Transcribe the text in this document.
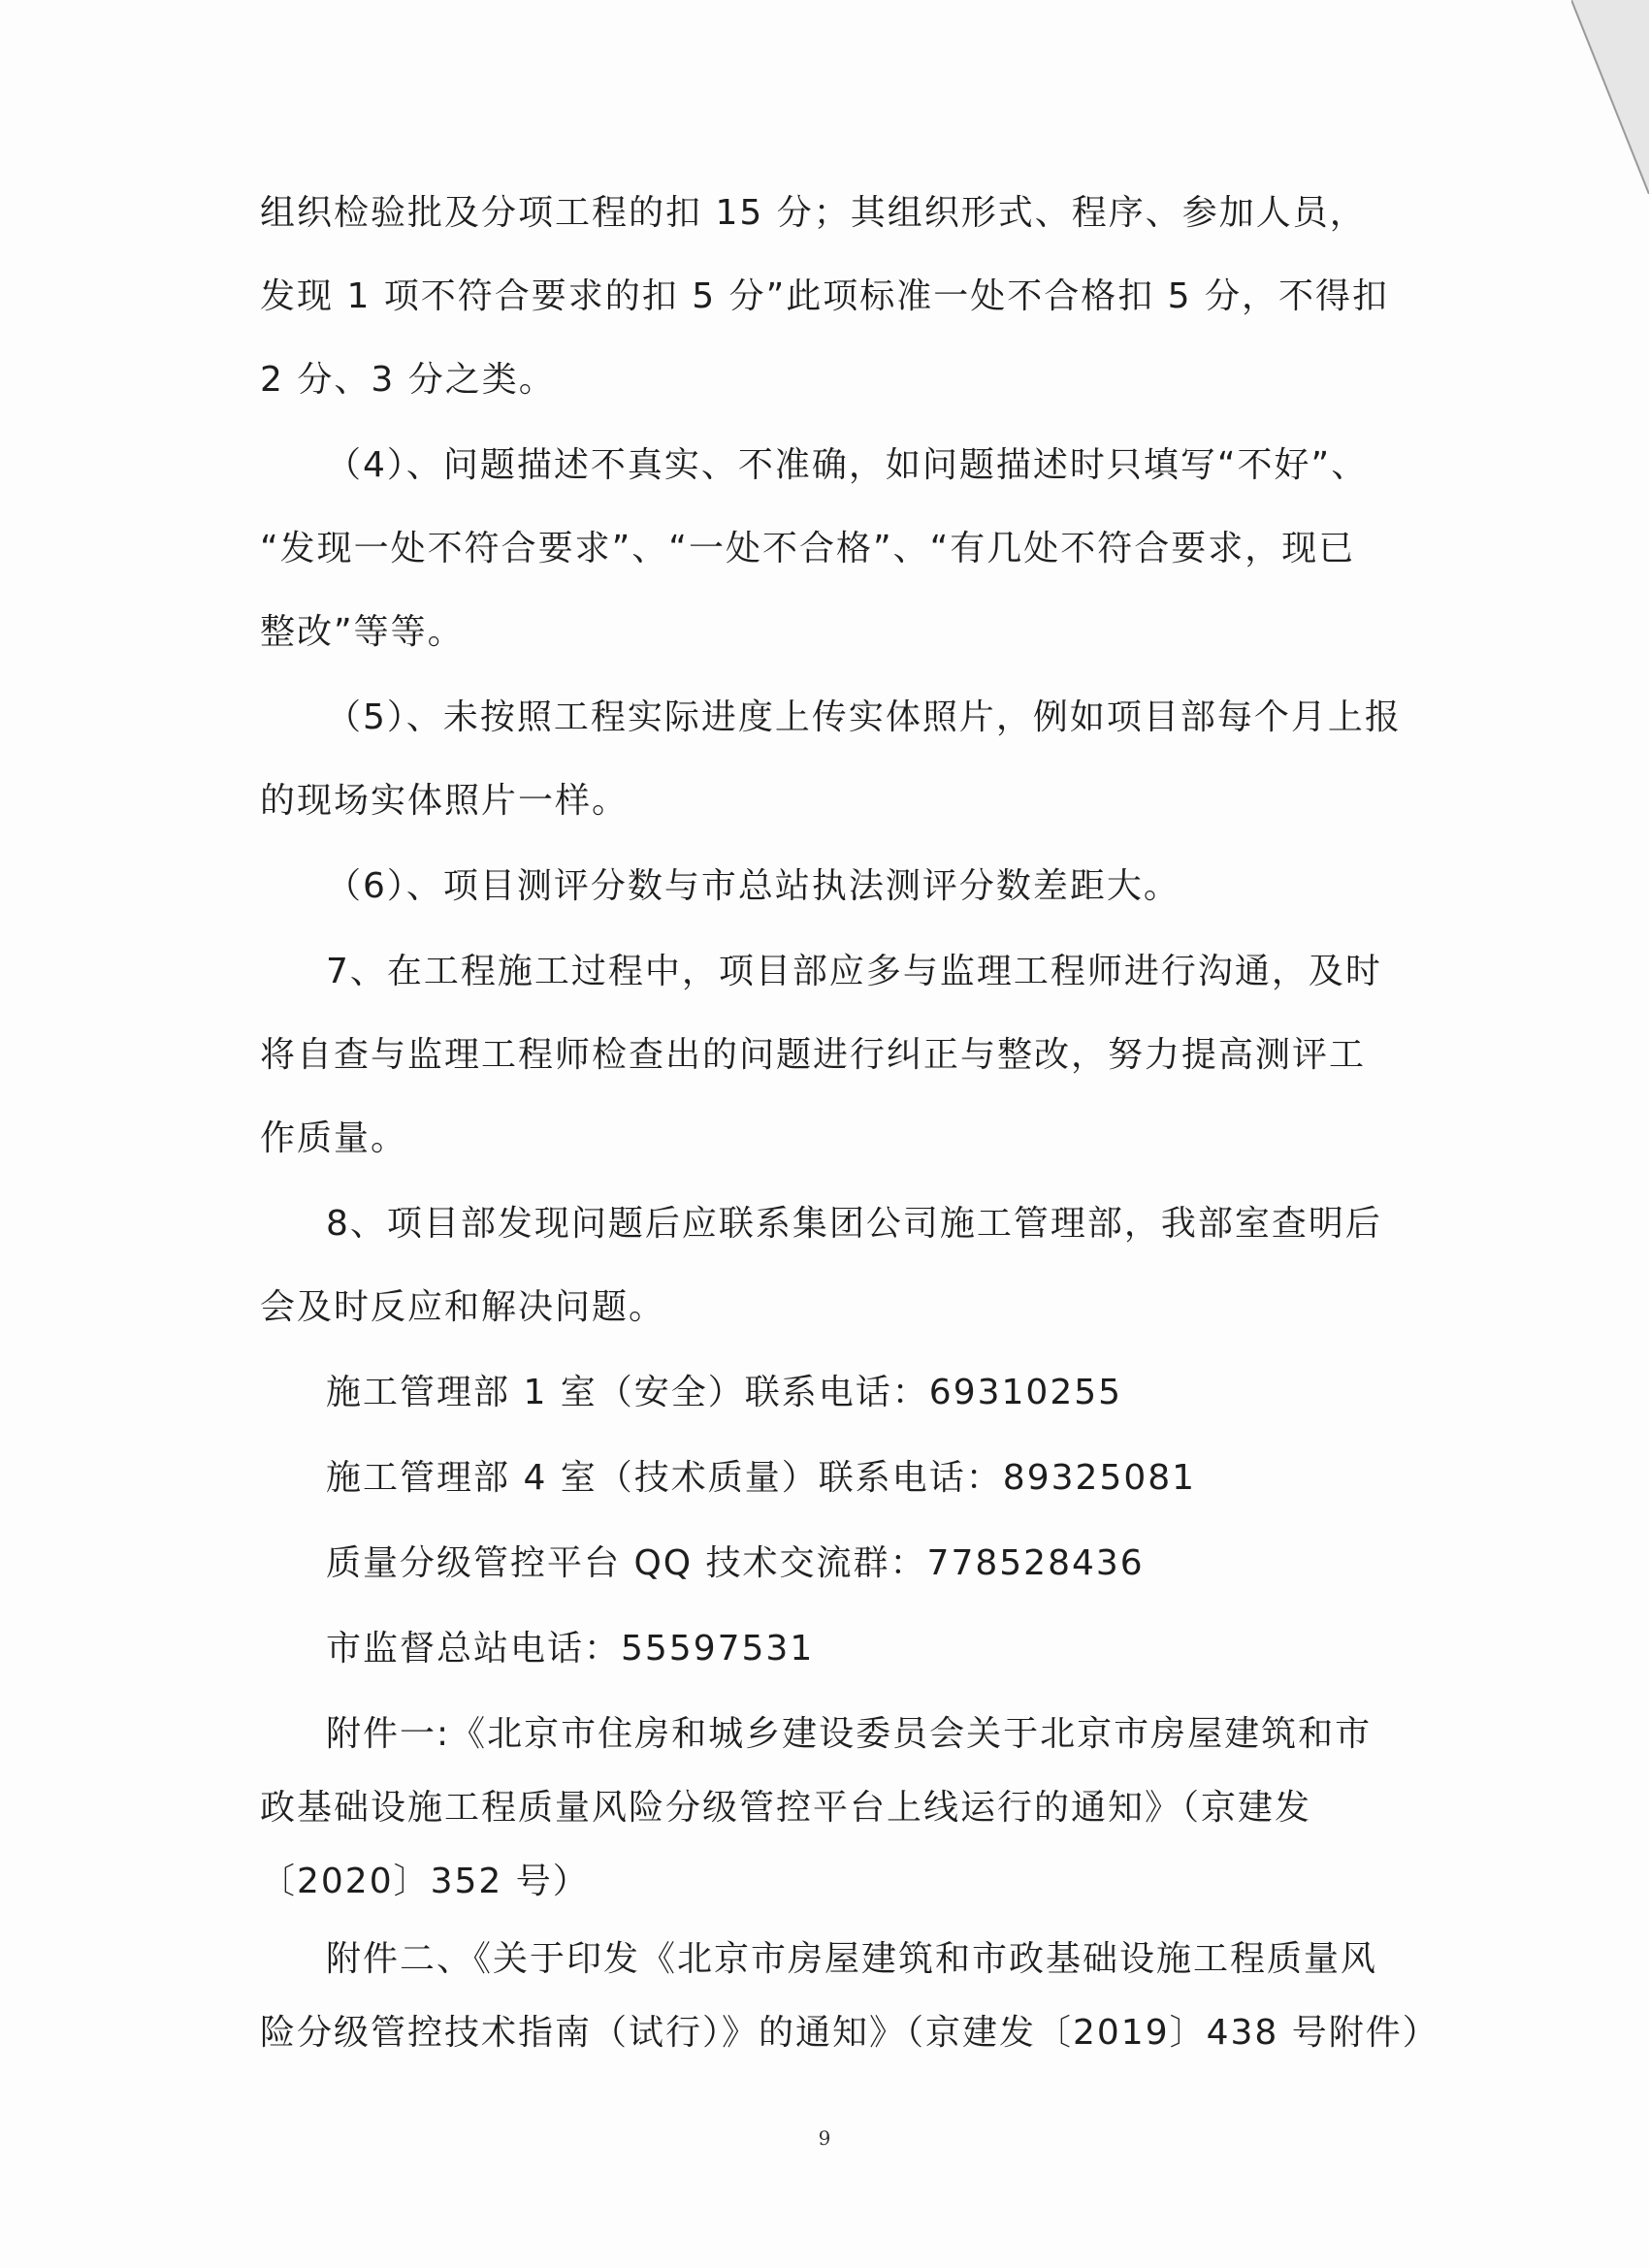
组织检验批及分项工程的扣 15 分；其组织形式、程序、参加人员，
发现 1 项不符合要求的扣 5 分”此项标准一处不合格扣 5 分，不得扣
2 分、3 分之类。
（4）、问题描述不真实、不准确，如问题描述时只填写“不好”、
“发现一处不符合要求”、“一处不合格”、“有几处不符合要求，现已
整改”等等。
（5）、未按照工程实际进度上传实体照片，例如项目部每个月上报
的现场实体照片一样。
（6）、项目测评分数与市总站执法测评分数差距大。
7、在工程施工过程中，项目部应多与监理工程师进行沟通，及时
将自查与监理工程师检查出的问题进行纠正与整改，努力提高测评工
作质量。
8、项目部发现问题后应联系集团公司施工管理部，我部室查明后
会及时反应和解决问题。
施工管理部 1 室（安全）联系电话：69310255
施工管理部 4 室（技术质量）联系电话：89325081
质量分级管控平台 QQ 技术交流群：778528436
市监督总站电话：55597531
附件一:《北京市住房和城乡建设委员会关于北京市房屋建筑和市
政基础设施工程质量风险分级管控平台上线运行的通知》（京建发
〔2020〕352 号）
附件二、《关于印发《北京市房屋建筑和市政基础设施工程质量风
险分级管控技术指南（试行）》的通知》（京建发〔2019〕438 号附件）
9
